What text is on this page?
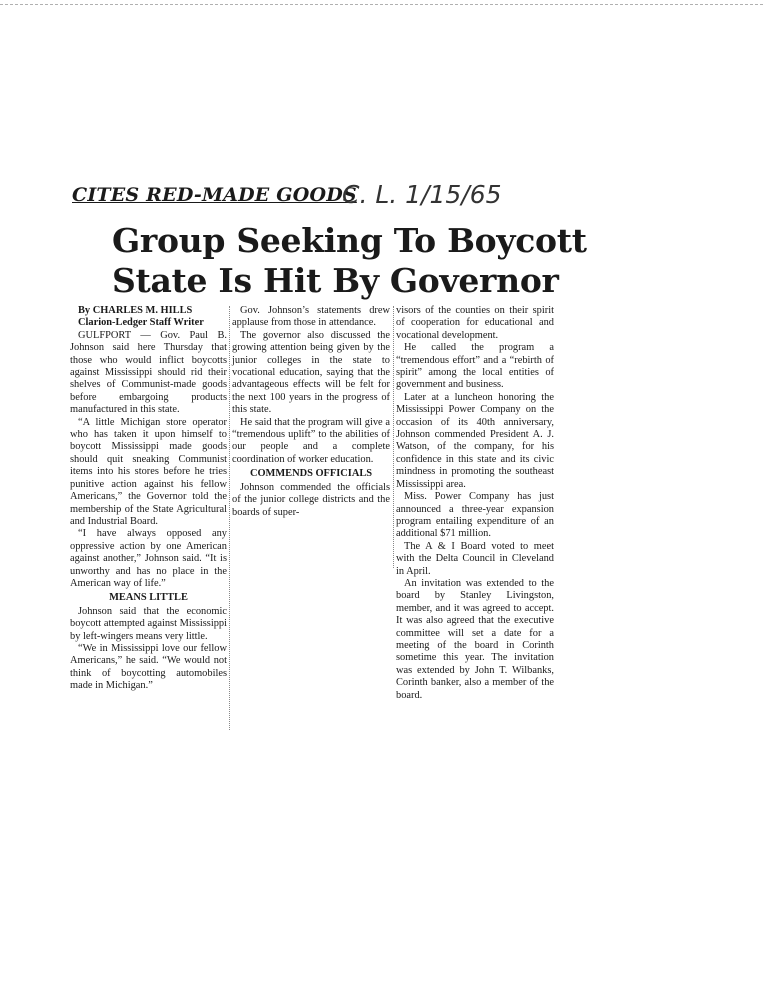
CITES RED-MADE GOODS
C. L. 1/15/65
Group Seeking To Boycott
State Is Hit By Governor

By CHARLES M. HILLS

Clarion-Ledger Staff Writer

GULFPORT — Gov. Paul B. Johnson said here Thursday that those who would inflict boycotts against Mississippi should rid their shelves of Communist-made goods before embargoing products manufactured in this state.

“A little Michigan store operator who has taken it upon himself to boycott Mississippi made goods should quit sneaking Communist items into his stores before he tries punitive action against his fellow Americans,” the Governor told the membership of the State Agricultural and Industrial Board.

“I have always opposed any oppressive action by one American against another,” Johnson said. “It is unworthy and has no place in the American way of life.”

MEANS LITTLE

Johnson said that the economic boycott attempted against Mississippi by left-wingers means very little.

“We in Mississippi love our fellow Americans,” he said. “We would not think of boycotting automobiles made in Michigan.”

Gov. Johnson’s statements drew applause from those in attendance.

The governor also discussed the growing attention being given by the junior colleges in the state to vocational education, saying that the advantageous effects will be felt for the next 100 years in the progress of this state.

He said that the program will give a “tremendous uplift” to the abilities of our people and a complete coordination of worker education.

COMMENDS OFFICIALS

Johnson commended the officials of the junior college districts and the boards of super-

visors of the counties on their spirit of cooperation for educational and vocational development.

He called the program a “tremendous effort” and a “rebirth of spirit” among the local entities of government and business.

Later at a luncheon honoring the Mississippi Power Company on the occasion of its 40th anniversary, Johnson commended President A. J. Watson, of the company, for his confidence in this state and its civic mindness in promoting the southeast Mississippi area.

Miss. Power Company has just announced a three-year expansion program entailing expenditure of an additional $71 million.

The A & I Board voted to meet with the Delta Council in Cleveland in April.

An invitation was extended to the board by Stanley Livingston, member, and it was agreed to accept. It was also agreed that the executive committee will set a date for a meeting of the board in Corinth sometime this year. The invitation was extended by John T. Wilbanks, Corinth banker, also a member of the board.
